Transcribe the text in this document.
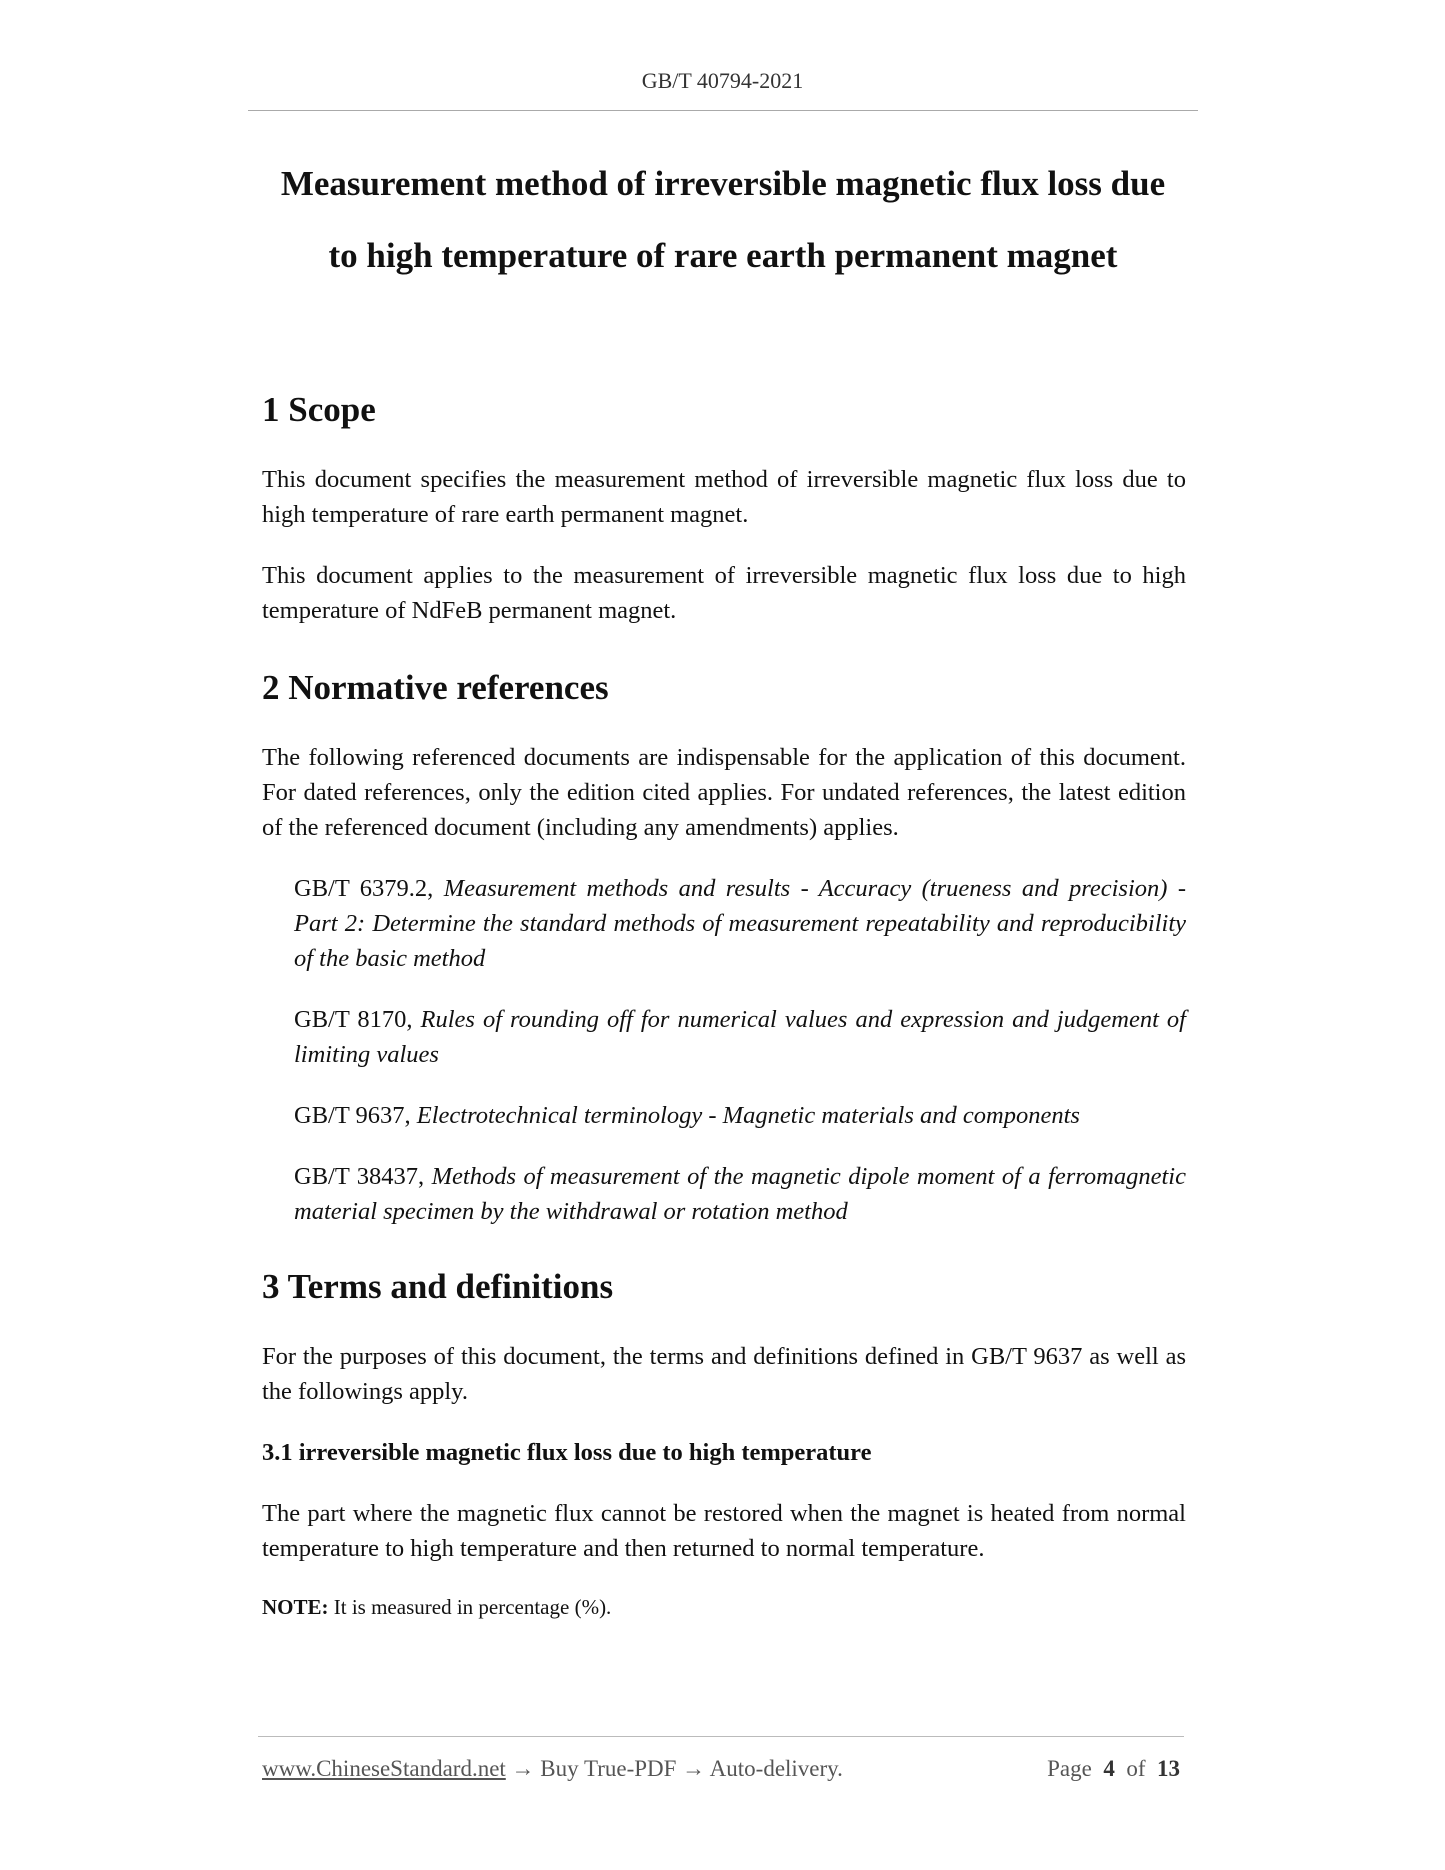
GB/T 40794-2021
Measurement method of irreversible magnetic flux loss due
to high temperature of rare earth permanent magnet
1 Scope

This document specifies the measurement method of irreversible magnetic flux loss due to high temperature of rare earth permanent magnet.

This document applies to the measurement of irreversible magnetic flux loss due to high temperature of NdFeB permanent magnet.

2 Normative references

The following referenced documents are indispensable for the application of this document. For dated references, only the edition cited applies. For undated references, the latest edition of the referenced document (including any amendments) applies.

GB/T 6379.2, Measurement methods and results - Accuracy (trueness and precision) - Part 2: Determine the standard methods of measurement repeatability and reproducibility of the basic method
GB/T 8170, Rules of rounding off for numerical values and expression and judgement of limiting values
GB/T 9637, Electrotechnical terminology - Magnetic materials and components
GB/T 38437, Methods of measurement of the magnetic dipole moment of a ferromagnetic material specimen by the withdrawal or rotation method
3 Terms and definitions

For the purposes of this document, the terms and definitions defined in GB/T 9637 as well as the followings apply.

3.1 irreversible magnetic flux loss due to high temperature

The part where the magnetic flux cannot be restored when the magnet is heated from normal temperature to high temperature and then returned to normal temperature.

NOTE: It is measured in percentage (%).
www.ChineseStandard.net → Buy True-PDF → Auto-delivery.	Page 4 of 13
